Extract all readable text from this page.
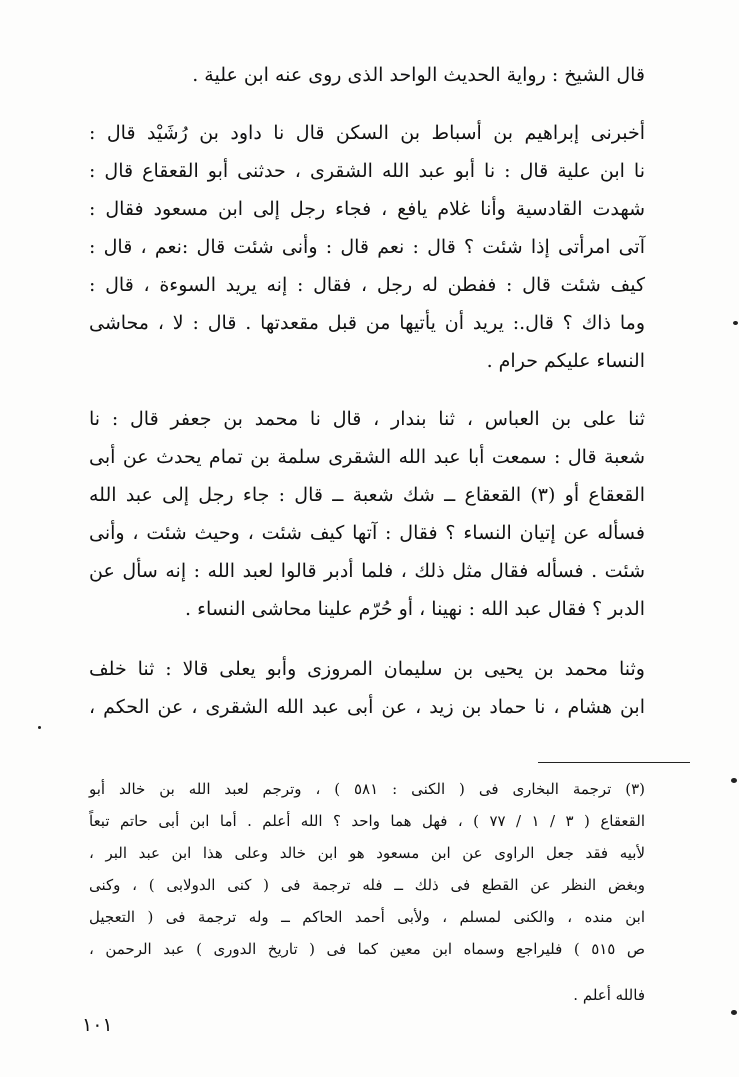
قال الشيخ : رواية الحديث الواحد الذى روى عنه ابن علية .
أخبرنى إبراهيم بن أسباط بن السكن قال نا داود بن رُشَيْد قال :
نا ابن علية قال : نا أبو عبد الله الشقرى ، حدثنى أبو القعقاع قال :
شهدت القادسية وأنا غلام يافع ، فجاء رجل إلى ابن مسعود فقال :
آتى امرأتى إذا شئت ؟ قال : نعم قال : وأنى شئت قال :نعم ، قال :
كيف شئت قال : ففطن له رجل ، فقال : إنه يريد السوءة ، قال :
وما ذاك ؟ قال.: يريد أن يأتيها من قبل مقعدتها . قال : لا ، محاشى
النساء عليكم حرام .
ثنا على بن العباس ، ثنا بندار ، قال نا محمد بن جعفر قال : نا
شعبة قال : سمعت أبا عبد الله الشقرى سلمة بن تمام يحدث عن أبى
القعقاع أو (٣) القعقاع ــ شك شعبة ــ قال : جاء رجل إلى عبد الله
فسأله عن إتيان النساء ؟ فقال : آتها كيف شئت ، وحيث شئت ، وأنى
شئت . فسأله فقال مثل ذلك ، فلما أدبر قالوا لعبد الله : إنه سأل عن
الدبر ؟ فقال عبد الله : نهينا ، أو حُرّم علينا محاشى النساء .
وثنا محمد بن يحيى بن سليمان المروزى وأبو يعلى قالا : ثنا خلف
ابن هشام ، نا حماد بن زيد ، عن أبى عبد الله الشقرى ، عن الحكم ،
(٣) ترجمة البخارى فى ( الكنى : ٥٨١ ) ، وترجم لعبد الله بن خالد أبو
القعقاع ( ٣ / ١ / ٧٧ ) ، فهل هما واحد ؟ الله أعلم . أما ابن أبى حاتم تبعاً
لأبيه فقد جعل الراوى عن ابن مسعود هو ابن خالد وعلى هذا ابن عبد البر ،
وبغض النظر عن القطع فى ذلك ــ فله ترجمة فى ( كنى الدولابى ) ، وكنى
ابن منده ، والكنى لمسلم ، ولأبى أحمد الحاكم ــ وله ترجمة فى ( التعجيل
ص ٥١٥ ) فليراجع وسماه ابن معين كما فى ( تاريخ الدورى ) عبد الرحمن ،
فالله أعلم .
١٠١
